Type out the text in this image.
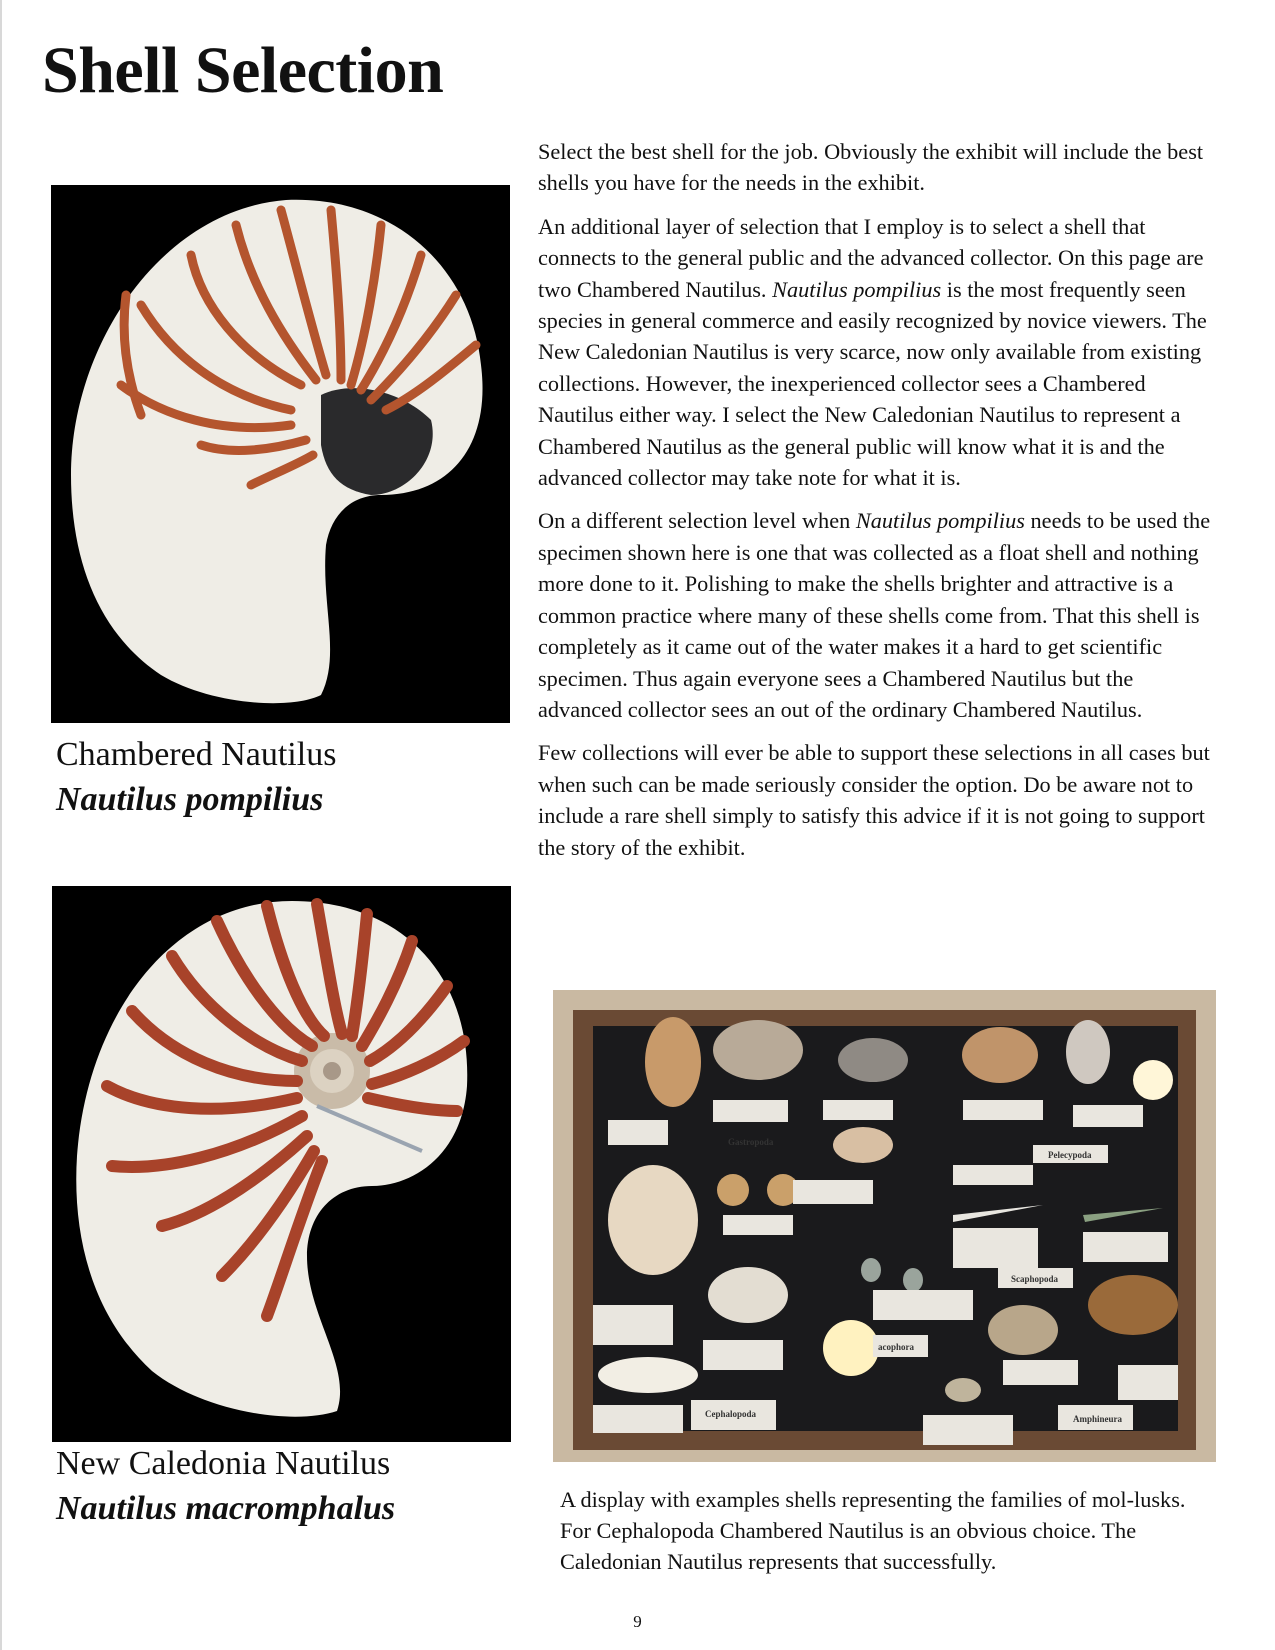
Shell Selection
Chambered Nautilus
Nautilus pompilius
New Caledonia Nautilus
Nautilus macromphalus

Select the best shell for the job. Obviously the exhibit will include the best shells you have for the needs in the exhibit.

An additional layer of selection that I employ is to select a shell that connects to the general public and the advanced collector. On this page are two Chambered Nautilus. Nautilus pompilius is the most frequently seen species in general commerce and easily recognized by novice viewers. The New Caledonian Nautilus is very scarce, now only available from existing collections. However, the inexperienced collector sees a Chambered Nautilus either way. I select the New Caledonian Nautilus to represent a Chambered Nautilus as the general public will know what it is and the advanced collector may take note for what it is.

On a different selection level when Nautilus pompilius needs to be used the specimen shown here is one that was collected as a float shell and nothing more done to it. Polishing to make the shells brighter and attractive is a common practice where many of these shells come from. That this shell is completely as it came out of the water makes it a hard to get scientific specimen. Thus again everyone sees a Chambered Nautilus but the advanced collector sees an out of the ordinary Chambered Nautilus.

Few collections will ever be able to support these selections in all cases but when such can be made seriously consider the option. Do be aware not to include a rare shell simply to satisfy this advice if it is not going to support the story of the exhibit.

Gastropoda
Pelecypoda
Scaphopoda
Cephalopoda	Amphineura
acophora
A display with examples shells representing the families of mol-lusks. For Cephalopoda Chambered Nautilus is an obvious choice. The Caledonian Nautilus represents that successfully.
9
